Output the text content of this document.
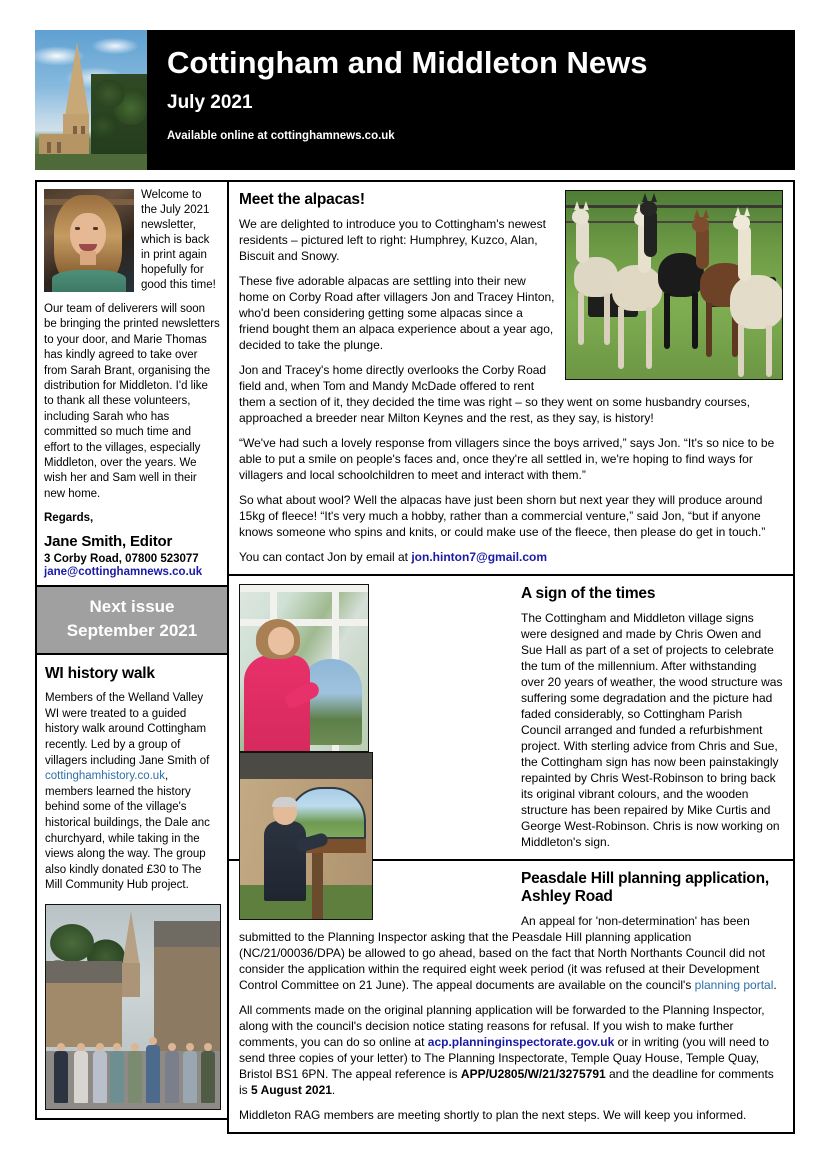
Cottingham and Middleton News
July 2021
Available online at cottinghamnews.co.uk

Welcome to the July 2021 newsletter, which is back in print again hopefully for good this time!

Our team of deliverers will soon be bringing the printed newsletters to your door, and Marie Thomas has kindly agreed to take over from Sarah Brant, organising the distribution for Middleton. I'd like to thank all these volunteers, including Sarah who has committed so much time and effort to the villages, especially Middleton, over the years. We wish her and Sam well in their new home.

Regards,

Jane Smith, Editor

3 Corby Road, 07800 523077

jane@cottinghamnews.co.uk
Next issue
September 2021
WI history walk

Members of the Welland Valley WI were treated to a guided history walk around Cottingham recently. Led by a group of villagers including Jane Smith of cottinghamhistory.co.uk, members learned the history behind some of the village's historical buildings, the Dale anc churchyard, while taking in the views along the way. The group also kindly donated £30 to The Mill Community Hub project.

Meet the alpacas!

We are delighted to introduce you to Cottingham's newest residents – pictured left to right: Humphrey, Kuzco, Alan, Biscuit and Snowy.

These five adorable alpacas are settling into their new home on Corby Road after villagers Jon and Tracey Hinton, who'd been considering getting some alpacas since a friend bought them an alpaca experience about a year ago, decided to take the plunge.

Jon and Tracey's home directly overlooks the Corby Road field and, when Tom and Mandy McDade offered to rent them a section of it, they decided the time was right – so they went on some husbandry courses, approached a breeder near Milton Keynes and the rest, as they say, is history!

“We've had such a lovely response from villagers since the boys arrived,” says Jon. “It's so nice to be able to put a smile on people's faces and, once they're all settled in, we're hoping to find ways for villagers and local schoolchildren to meet and interact with them.”

So what about wool? Well the alpacas have just been shorn but next year they will produce around 15kg of fleece! “It's very much a hobby, rather than a commercial venture,” said Jon, “but if anyone knows someone who spins and knits, or could make use of the fleece, then please do get in touch.”

You can contact Jon by email at jon.hinton7@gmail.com

A sign of the times

The Cottingham and Middleton village signs were designed and made by Chris Owen and Sue Hall as part of a set of projects to celebrate the tum of the millennium. After withstanding over 20 years of weather, the wood structure was suffering some degradation and the picture had faded considerably, so Cottingham Parish Council arranged and funded a refurbishment project. With sterling advice from Chris and Sue, the Cottingham sign has now been painstakingly repainted by Chris West-Robinson to bring back its original vibrant colours, and the wooden structure has been repaired by Mike Curtis and George West-Robinson. Chris is now working on Middleton's sign.

Peasdale Hill planning application, Ashley Road

An appeal for 'non-determination' has been submitted to the Planning Inspector asking that the Peasdale Hill planning application (NC/21/00036/DPA) be allowed to go ahead, based on the fact that North Northants Council did not consider the application within the required eight week period (it was refused at their Development Control Committee on 21 June). The appeal documents are available on the council's planning portal.

All comments made on the original planning application will be forwarded to the Planning Inspector, along with the council's decision notice stating reasons for refusal. If you wish to make further comments, you can do so online at acp.planninginspectorate.gov.uk or in writing (you will need to send three copies of your letter) to The Planning Inspectorate, Temple Quay House, Temple Quay, Bristol BS1 6PN. The appeal reference is APP/U2805/W/21/3275791 and the deadline for comments is 5 August 2021.

Middleton RAG members are meeting shortly to plan the next steps. We will keep you informed.
